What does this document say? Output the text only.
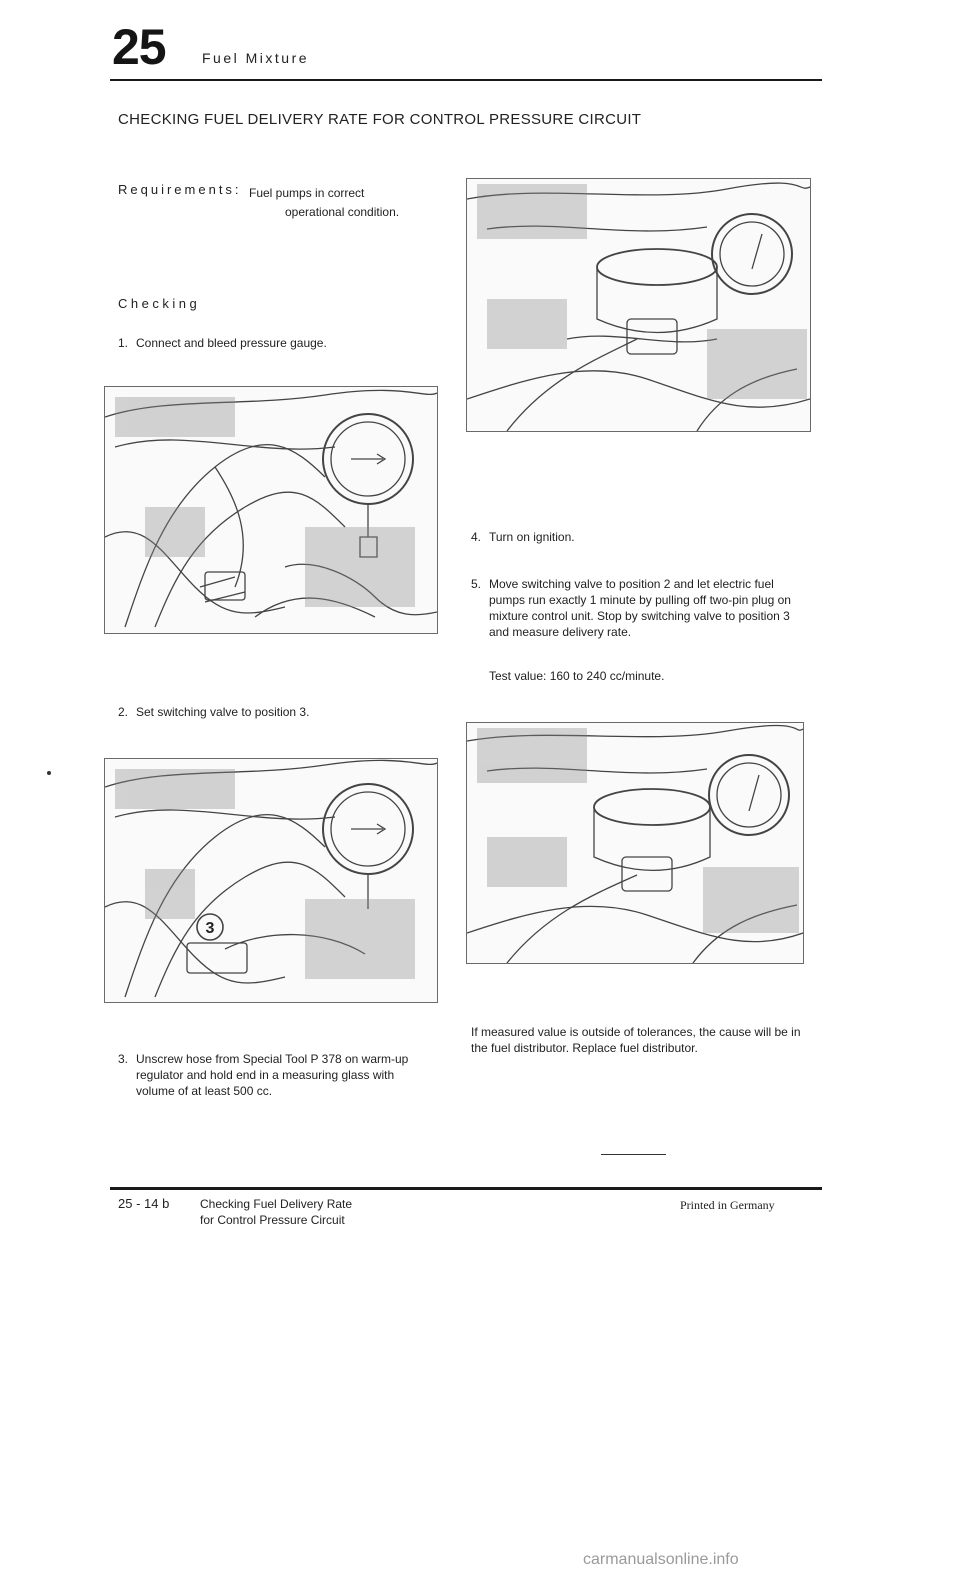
25	Fuel Mixture
CHECKING FUEL DELIVERY RATE FOR CONTROL PRESSURE CIRCUIT
Requirements: Fuel pumps in correct
operational condition.
Checking
1. Connect and bleed pressure gauge.
2. Set switching valve to position 3.
3
3. Unscrew hose from Special Tool P 378 on warm-up regulator and hold end in a measuring glass with volume of at least 500 cc.
4. Turn on ignition.
5. Move switching valve to position 2 and let electric fuel pumps run exactly 1 minute by pulling off two-pin plug on mixture control unit. Stop by switching valve to position 3 and measure delivery rate.
Test value: 160 to 240 cc/minute.
If measured value is outside of tolerances, the cause will be in the fuel distributor. Replace fuel distributor.
25 - 14 b	Checking Fuel Delivery Rate
for Control Pressure Circuit
Printed in Germany
carmanualsonline.info
